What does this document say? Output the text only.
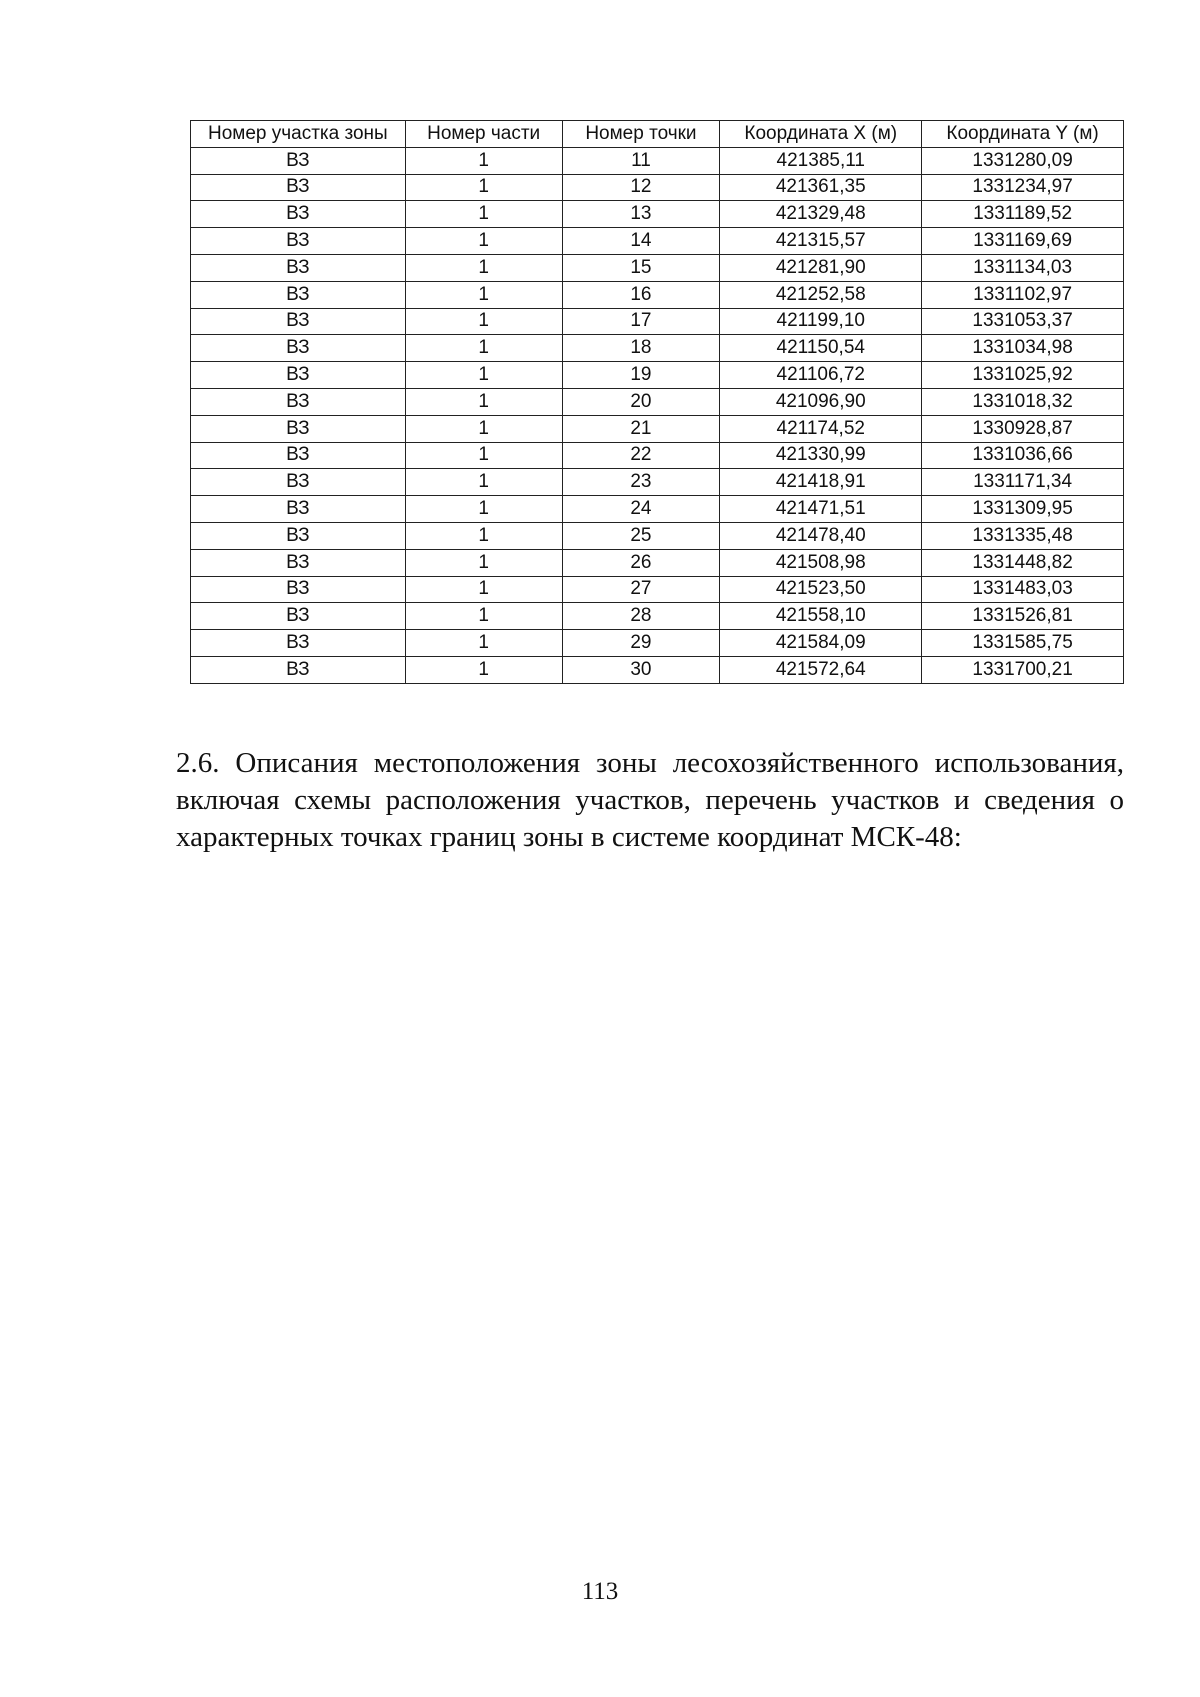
Номер участка зоны	Номер части	Номер точки	Координата X (м)	Координата Y (м)
ВЗ	1	11	421385,11	1331280,09
ВЗ	1	12	421361,35	1331234,97
ВЗ	1	13	421329,48	1331189,52
ВЗ	1	14	421315,57	1331169,69
ВЗ	1	15	421281,90	1331134,03
ВЗ	1	16	421252,58	1331102,97
ВЗ	1	17	421199,10	1331053,37
ВЗ	1	18	421150,54	1331034,98
ВЗ	1	19	421106,72	1331025,92
ВЗ	1	20	421096,90	1331018,32
ВЗ	1	21	421174,52	1330928,87
ВЗ	1	22	421330,99	1331036,66
ВЗ	1	23	421418,91	1331171,34
ВЗ	1	24	421471,51	1331309,95
ВЗ	1	25	421478,40	1331335,48
ВЗ	1	26	421508,98	1331448,82
ВЗ	1	27	421523,50	1331483,03
ВЗ	1	28	421558,10	1331526,81
ВЗ	1	29	421584,09	1331585,75
ВЗ	1	30	421572,64	1331700,21

2.6. Описания местоположения зоны лесохозяйственного использования, включая схемы расположения участков, перечень участков и сведения о характерных точках границ зоны в системе координат МСК-48:

113
